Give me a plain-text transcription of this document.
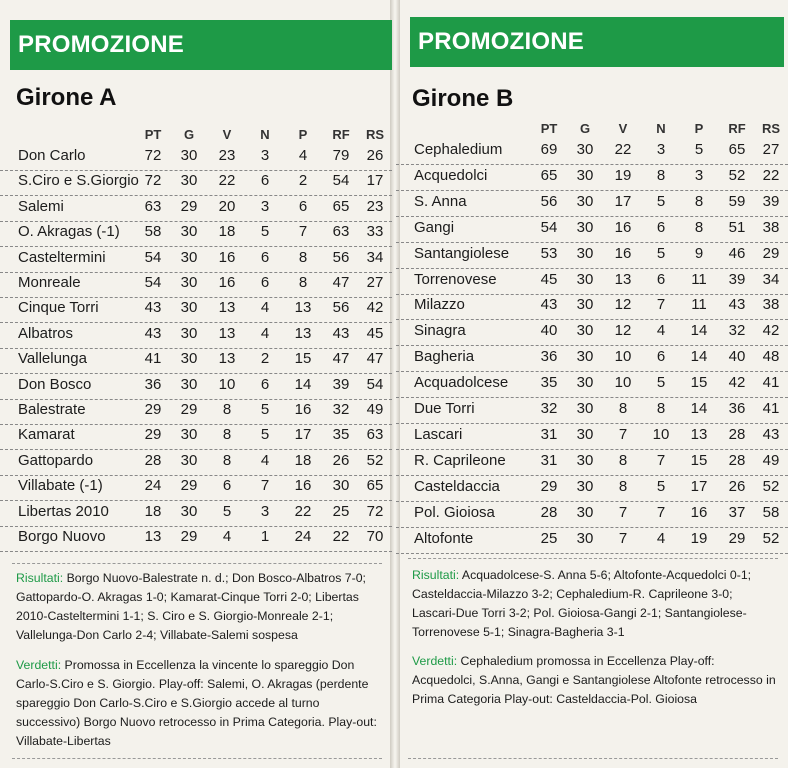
PROMOZIONE
Girone A
PT	G	V	N	P	RF	RS
Don Carlo	72	30	23	3	4	79	26
S.Ciro e S.Giorgio 72	30	22	6	2	54	17
Salemi	63	29	20	3	6	65	23
O. Akragas (-1)	58	30	18	5	7	63	33
Casteltermini	54	30	16	6	8	56	34
Monreale	54	30	16	6	8	47	27
Cinque Torri	43	30	13	4	13	56	42
Albatros	43	30	13	4	13	43	45
Vallelunga	41	30	13	2	15	47	47
Don Bosco	36	30	10	6	14	39	54
Balestrate	29	29	8	5	16	32	49
Kamarat	29	30	8	5	17	35	63
Gattopardo	28	30	8	4	18	26	52
Villabate (-1)	24	29	6	7	16	30	65
Libertas 2010	18	30	5	3	22	25	72
Borgo Nuovo	13	29	4	1	24	22	70

Risultati: Borgo Nuovo-Balestrate n. d.; Don Bosco-Albatros 7-0; Gattopardo-O. Akragas 1-0; Kamarat-Cinque Torri 2-0; Libertas 2010-Casteltermini 1-1; S. Ciro e S. Giorgio-Monreale 2-1; Vallelunga-Don Carlo 2-4; Villabate-Salemi sospesa

Verdetti: Promossa in Eccellenza la vincente lo spareggio Don Carlo-S.Ciro e S. Giorgio. Play-off: Salemi, O. Akragas (perdente spareggio Don Carlo-S.Ciro e S.Giorgio accede al turno successivo) Borgo Nuovo retrocesso in Prima Categoria. Play-out: Villabate-Libertas

PROMOZIONE
Girone B
PT	G	V	N	P	RF	RS
Cephaledium	69	30	22	3	5	65	27
Acquedolci	65	30	19	8	3	52	22
S. Anna	56	30	17	5	8	59	39
Gangi	54	30	16	6	8	51	38
Santangiolese	53	30	16	5	9	46	29
Torrenovese	45	30	13	6	11	39	34
Milazzo	43	30	12	7	11	43	38
Sinagra	40	30	12	4	14	32	42
Bagheria	36	30	10	6	14	40	48
Acquadolcese	35	30	10	5	15	42	41
Due Torri	32	30	8	8	14	36	41
Lascari	31	30	7	10	13	28	43
R. Caprileone	31	30	8	7	15	28	49
Casteldaccia	29	30	8	5	17	26	52
Pol. Gioiosa	28	30	7	7	16	37	58
Altofonte	25	30	7	4	19	29	52

Risultati: Acquadolcese-S. Anna 5-6; Altofonte-Acquedolci 0-1; Casteldaccia-Milazzo 3-2; Cephaledium-R. Caprileone 3-0; Lascari-Due Torri 3-2; Pol. Gioiosa-Gangi 2-1; Santangiolese-Torrenovese 5-1; Sinagra-Bagheria 3-1

Verdetti: Cephaledium promossa in Eccellenza Play-off: Acquedolci, S.Anna, Gangi e Santangiolese Altofonte retrocesso in Prima Categoria Play-out: Casteldaccia-Pol. Gioiosa
